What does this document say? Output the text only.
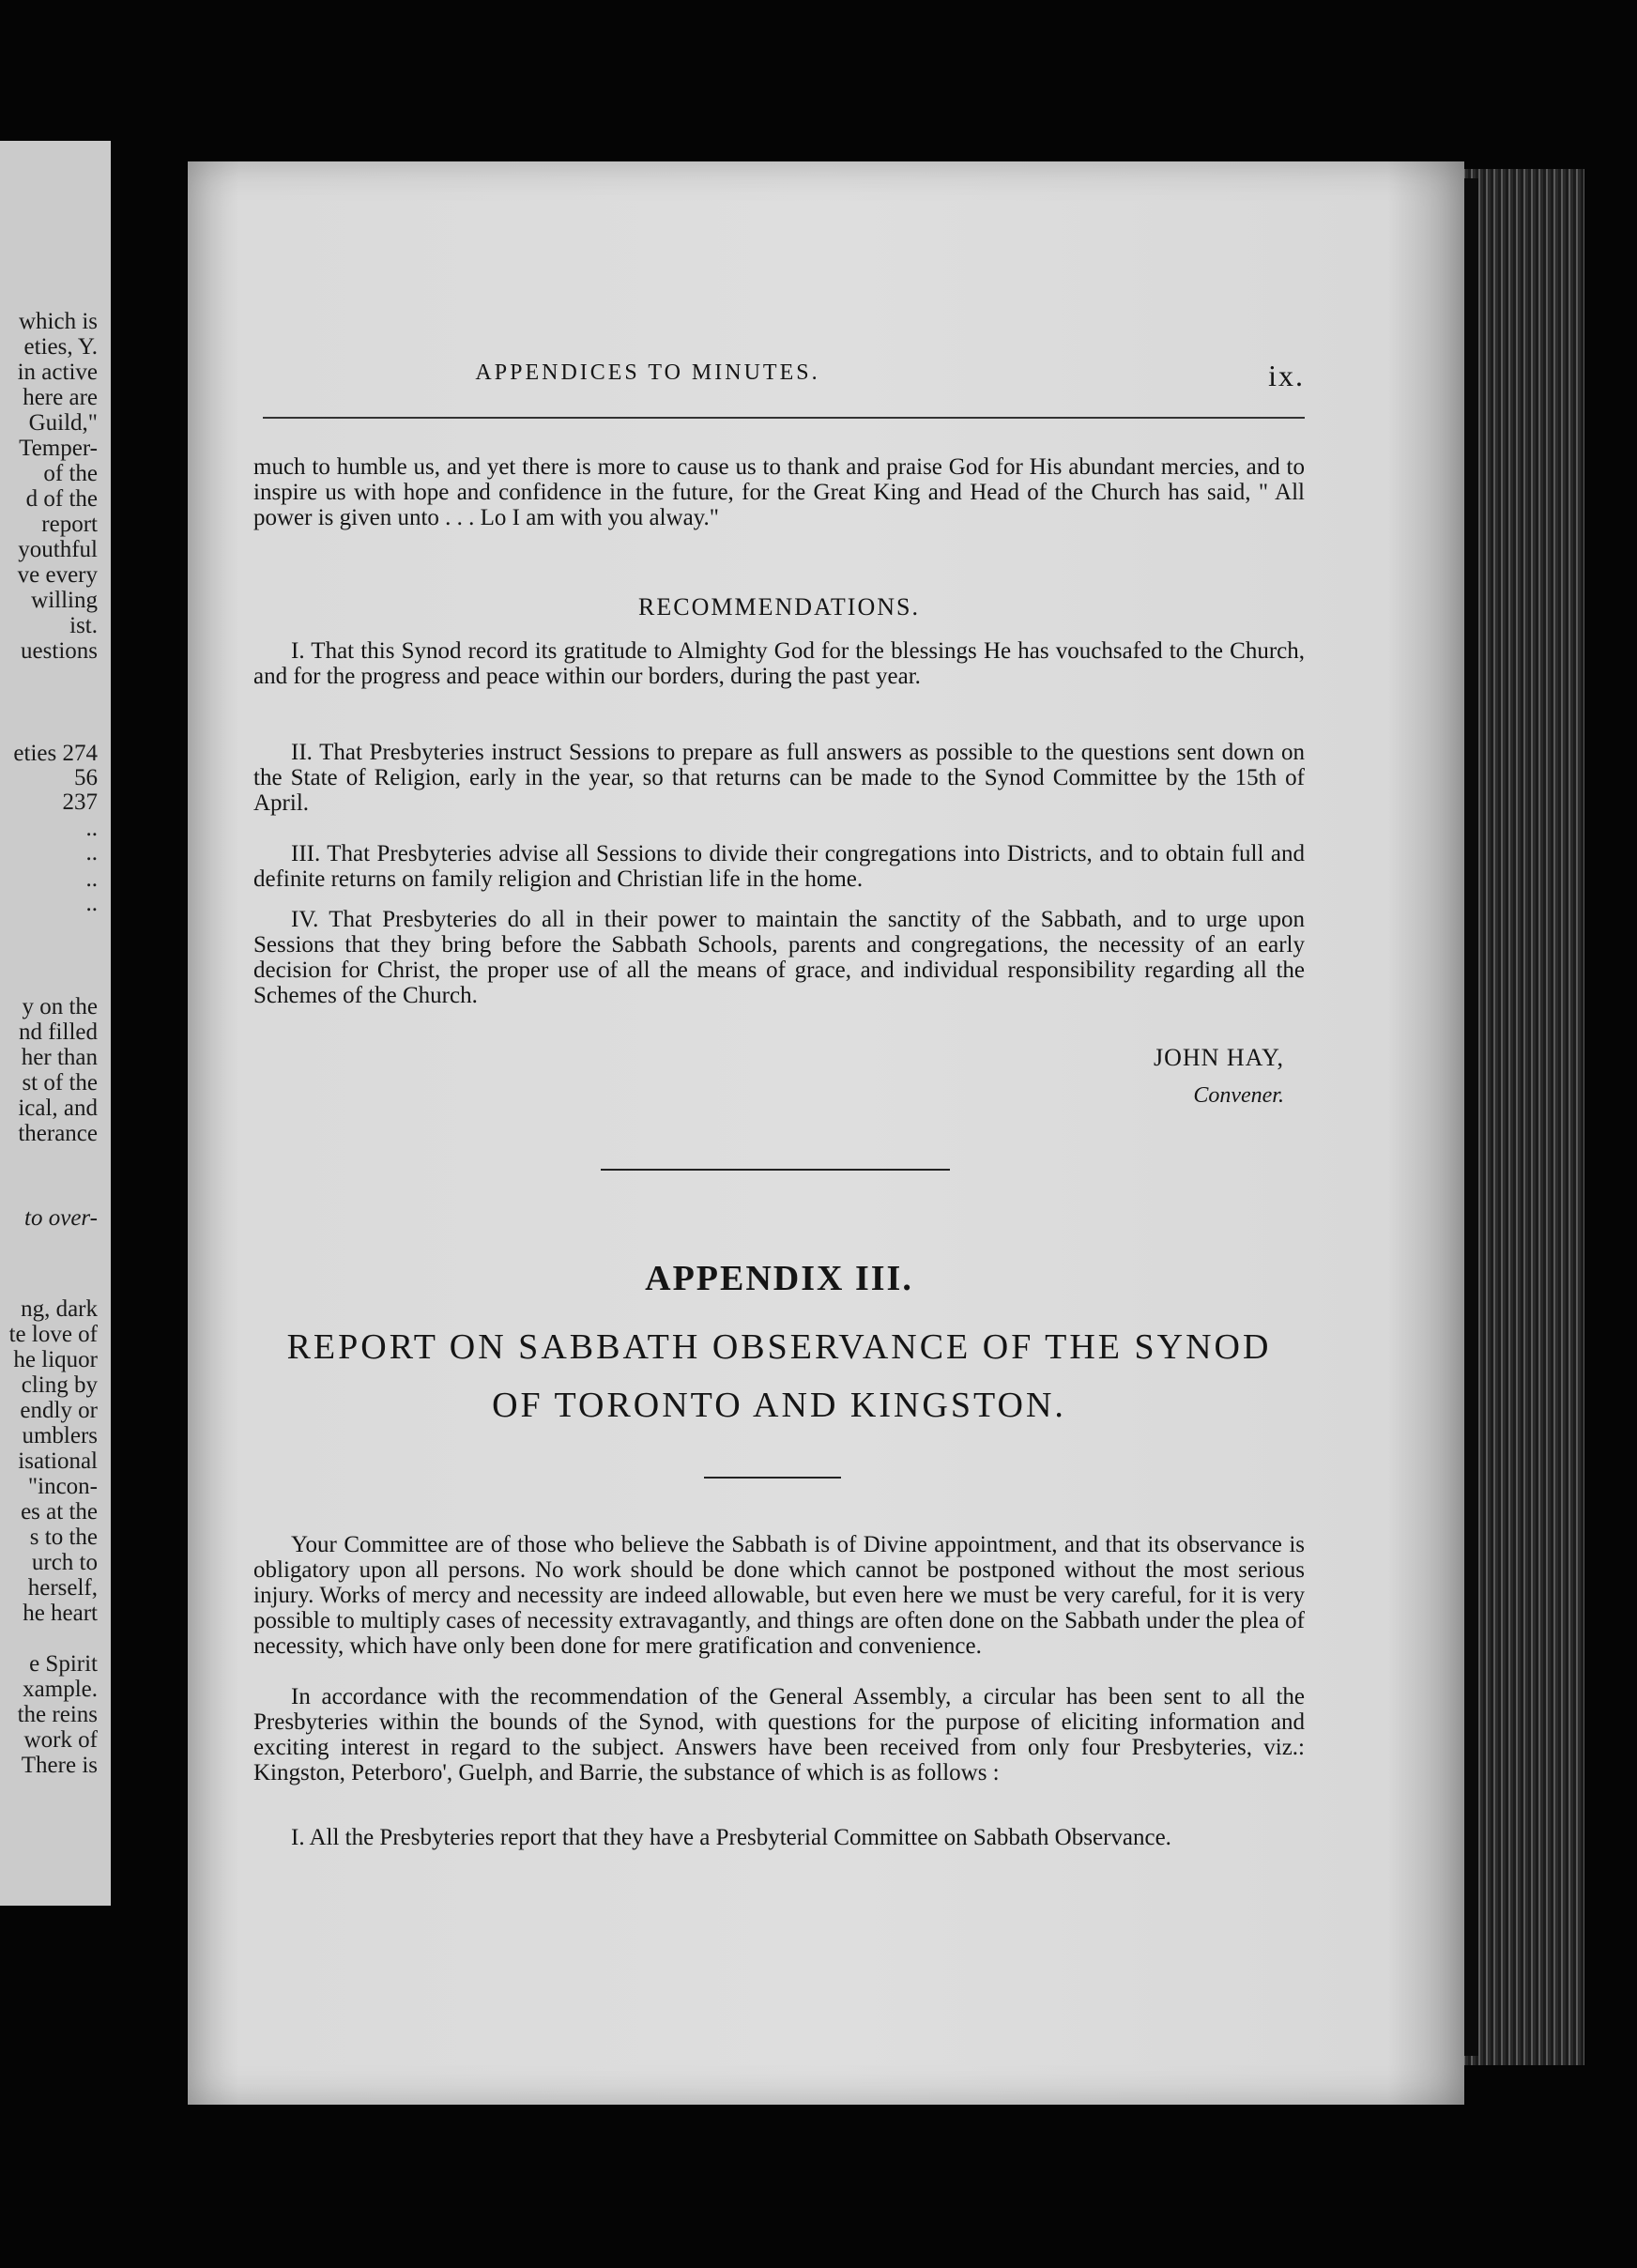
which is
eties, Y.
in active
here are
Guild,"
Temper-
of the
d of the
report
youthful
ve every
willing
ist.
uestions
eties 274
56
237
..
..
..
..
y on the
nd filled
her than
st of the
ical, and
therance
to over-
ng, dark
te love of
he liquor
cling by
endly or
umblers
isational
"incon-
es at the
s to the
urch to
herself,
he heart
e Spirit
xample.
the reins
work of
There is
APPENDICES TO MINUTES.	ix.
much to humble us, and yet there is more to cause us to thank and praise God for His abundant mercies, and to inspire us with hope and confidence in the future, for the Great King and Head of the Church has said, " All power is given unto . . . Lo I am with you alway."
RECOMMENDATIONS.
I. That this Synod record its gratitude to Almighty God for the blessings He has vouchsafed to the Church, and for the progress and peace within our borders, during the past year.
II. That Presbyteries instruct Sessions to prepare as full answers as possible to the questions sent down on the State of Religion, early in the year, so that returns can be made to the Synod Committee by the 15th of April.
III. That Presbyteries advise all Sessions to divide their congregations into Districts, and to obtain full and definite returns on family religion and Christian life in the home.
IV. That Presbyteries do all in their power to maintain the sanctity of the Sabbath, and to urge upon Sessions that they bring before the Sabbath Schools, parents and congregations, the necessity of an early decision for Christ, the proper use of all the means of grace, and individual responsibility regarding all the Schemes of the Church.
JOHN HAY,
Convener.
APPENDIX III.
REPORT ON SABBATH OBSERVANCE OF THE SYNOD
OF TORONTO AND KINGSTON.
Your Committee are of those who believe the Sabbath is of Divine appointment, and that its observance is obligatory upon all persons. No work should be done which cannot be postponed without the most serious injury. Works of mercy and necessity are indeed allowable, but even here we must be very careful, for it is very possible to multiply cases of necessity extravagantly, and things are often done on the Sabbath under the plea of necessity, which have only been done for mere gratification and convenience.
In accordance with the recommendation of the General Assembly, a circular has been sent to all the Presbyteries within the bounds of the Synod, with questions for the purpose of eliciting information and exciting interest in regard to the subject. Answers have been received from only four Presbyteries, viz.: Kingston, Peterboro', Guelph, and Barrie, the substance of which is as follows :
I. All the Presbyteries report that they have a Presbyterial Committee on Sabbath Observance.
